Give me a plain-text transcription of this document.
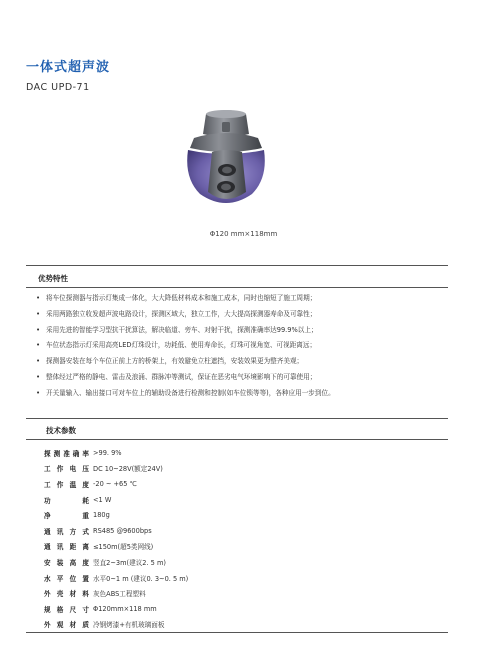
一体式超声波
DAC UPD-71
Φ120 mm×118mm
优势特性
• 将车位探测器与指示灯集成一体化，大大降低材料成本和施工成本，同时也缩短了施工周期；
• 采用两路独立收发超声波电路设计，探测区域大，独立工作，大大提高探测器寿命及可靠性；
• 采用先进的智能学习型抗干扰算法，解决临道、旁车、对射干扰，探测准确率达99.9%以上；
• 车位状态指示灯采用高亮LED灯珠设计，功耗低、使用寿命长，灯珠可视角宽、可视距离远；
• 探测器安装在每个车位正前上方的桥架上，有效避免立柱遮挡，安装效果更为整齐美观；
• 整体经过严格的静电、雷击及浪涌、群脉冲等测试，保证在恶劣电气环境影响下的可靠使用；
• 开关量输入、输出接口可对车位上的辅助设备进行检测和控制(如车位锁等等)，各种应用一步到位。
技术参数
探测准确率	>99. 9%
工作电压	DC 10~28V(额定24V)
工作温度	-20 ~ +65 ℃
功耗	<1 W
净重	180g
通讯方式	RS485 @9600bps
通讯距离	≤150m(超5类网线)
安装高度	竖直2~3m(建议2. 5 m)
水平位置	水平0~1 m (建议0. 3~0. 5 m)
外壳材料	灰色ABS工程塑料
规格尺寸	Φ120mm×118 mm
外观材质	冷钢烤漆+有机玻璃面板
